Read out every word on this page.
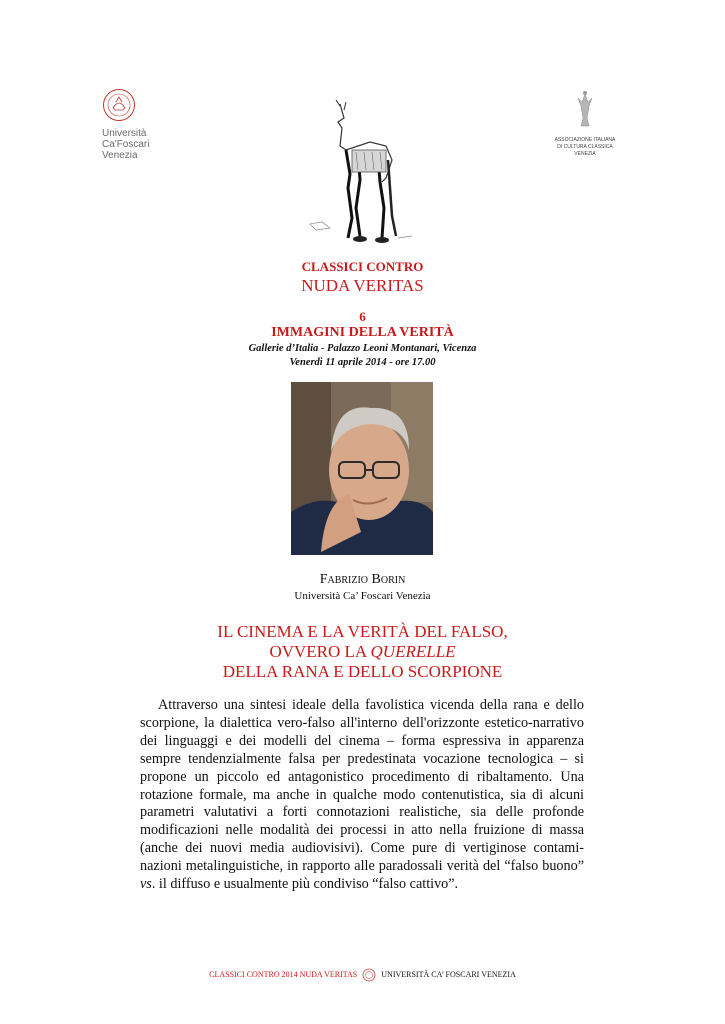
Università
Ca'Foscari
Venezia
ASSOCIAZIONE ITALIANA
DI CULTURA CLASSICA
VENEZIA
CLASSICI CONTRO
NUDA VERITAS
6
IMMAGINI DELLA VERITÀ
Gallerie d’Italia - Palazzo Leoni Montanari, Vicenza
Venerdì 11 aprile 2014 - ore 17.00
Fabrizio Borin
Università Ca’ Foscari Venezia
IL CINEMA E LA VERITÀ DEL FALSO,
OVVERO LA QUERELLE
DELLA RANA E DELLO SCORPIONE
Attraverso una sintesi ideale della favolistica vicenda della rana e dello scorpione, la dialettica vero-falso all'interno dell'orizzonte estetico-narrativo dei linguaggi e dei modelli del cinema – forma espressiva in apparenza sempre tendenzialmente falsa per predestinata vocazione tecnologica – si propone un piccolo ed antagonistico procedimento di ribaltamento. Una rotazione formale, ma anche in qualche modo contenutistica, sia di alcuni parametri valutativi a forti connotazioni realistiche, sia delle profonde modificazioni nelle modalità dei processi in atto nella fruizione di massa (anche dei nuovi media audiovisivi). Come pure di vertiginose contaminazioni metalinguistiche, in rapporto alle paradossali verità del “falso buono” vs. il diffuso e usualmente più condiviso “falso cattivo”.
CLASSICI CONTRO 2014 NUDA VERITAS	UNIVERSITÀ CA’ FOSCARI VENEZIA
